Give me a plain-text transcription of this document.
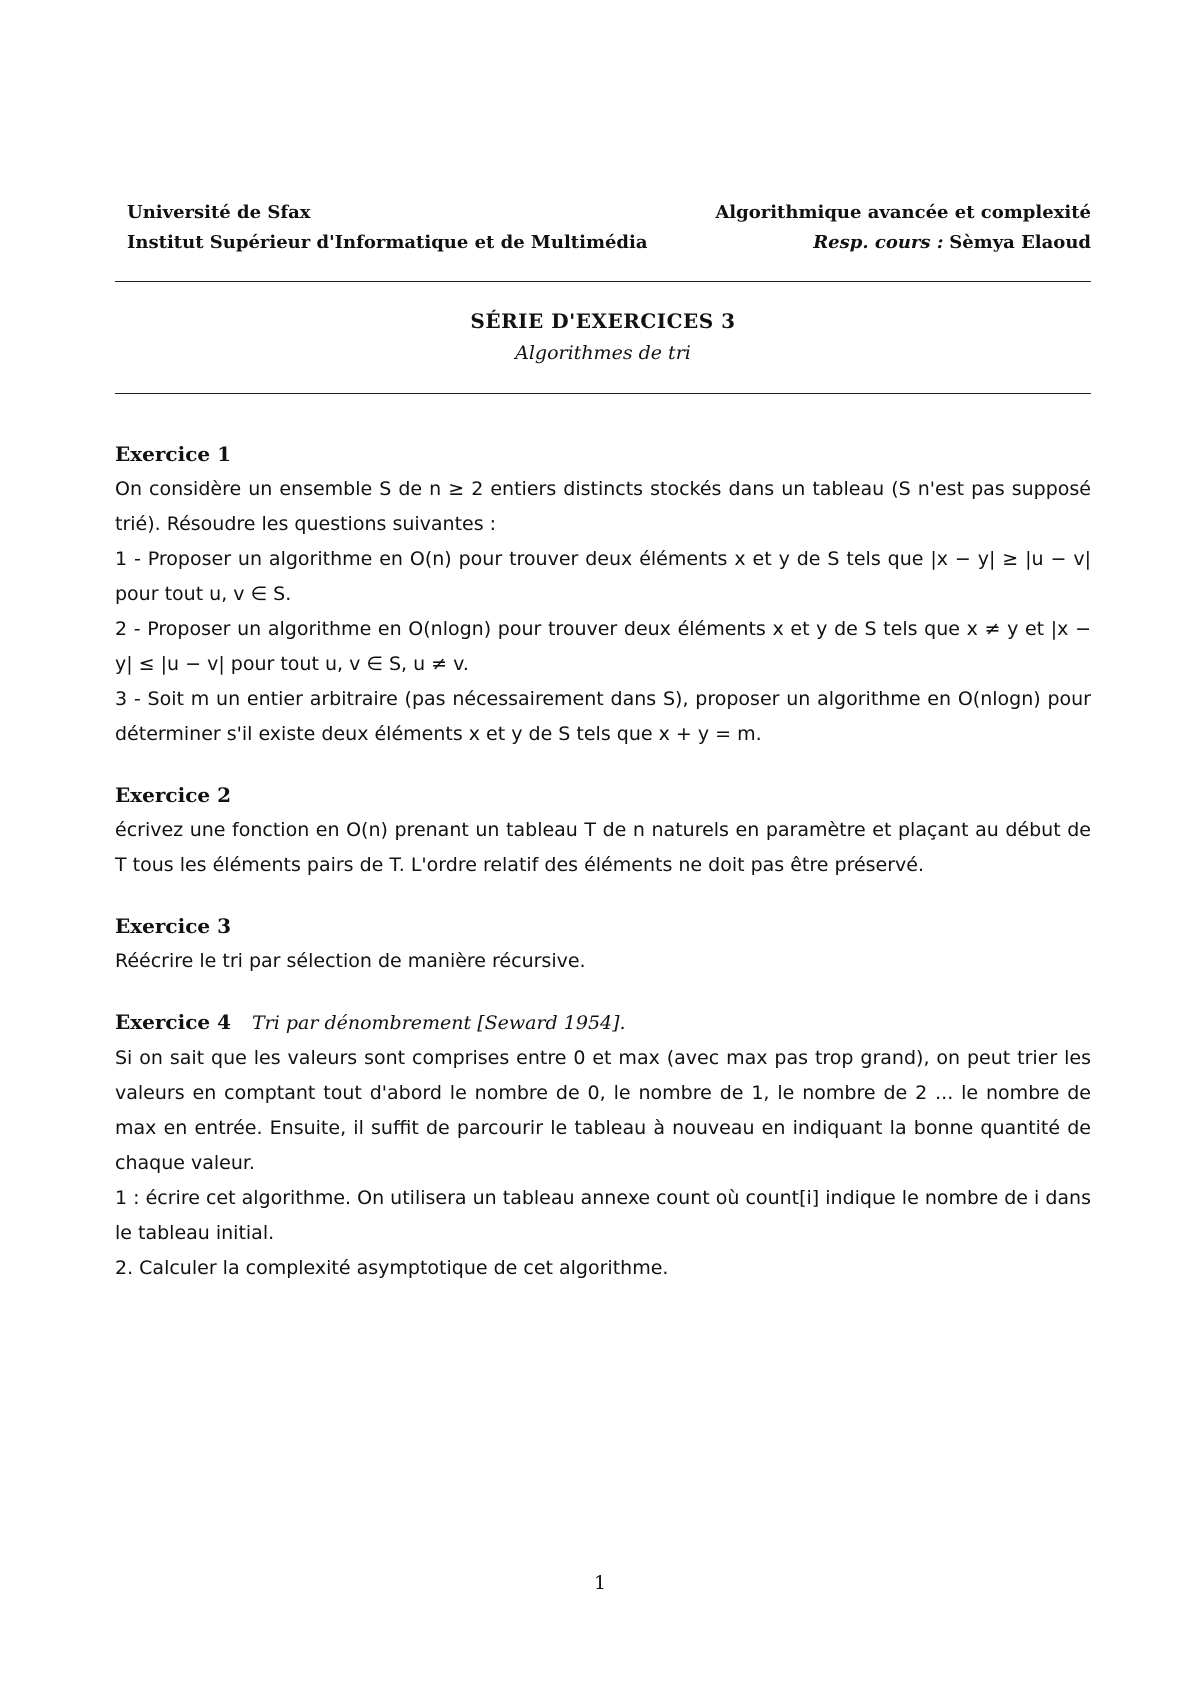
Université de Sfax	Algorithmique avancée et complexité
Institut Supérieur d'Informatique et de Multimédia	Resp. cours : Sèmya Elaoud
SÉRIE D'EXERCICES 3
Algorithmes de tri
Exercice 1

On considère un ensemble S de n ≥ 2 entiers distincts stockés dans un tableau (S n'est pas supposé trié). Résoudre les questions suivantes :

1 - Proposer un algorithme en O(n) pour trouver deux éléments x et y de S tels que |x − y| ≥ |u − v| pour tout u, v ∈ S.

2 - Proposer un algorithme en O(nlogn) pour trouver deux éléments x et y de S tels que x ≠ y et |x − y| ≤ |u − v| pour tout u, v ∈ S, u ≠ v.

3 - Soit m un entier arbitraire (pas nécessairement dans S), proposer un algorithme en O(nlogn) pour déterminer s'il existe deux éléments x et y de S tels que x + y = m.

Exercice 2

écrivez une fonction en O(n) prenant un tableau T de n naturels en paramètre et plaçant au début de T tous les éléments pairs de T. L'ordre relatif des éléments ne doit pas être préservé.

Exercice 3

Réécrire le tri par sélection de manière récursive.

Exercice 4 Tri par dénombrement [Seward 1954].

Si on sait que les valeurs sont comprises entre 0 et max (avec max pas trop grand), on peut trier les valeurs en comptant tout d'abord le nombre de 0, le nombre de 1, le nombre de 2 ... le nombre de max en entrée. Ensuite, il suffit de parcourir le tableau à nouveau en indiquant la bonne quantité de chaque valeur.

1 : écrire cet algorithme. On utilisera un tableau annexe count où count[i] indique le nombre de i dans le tableau initial.

2. Calculer la complexité asymptotique de cet algorithme.

1
